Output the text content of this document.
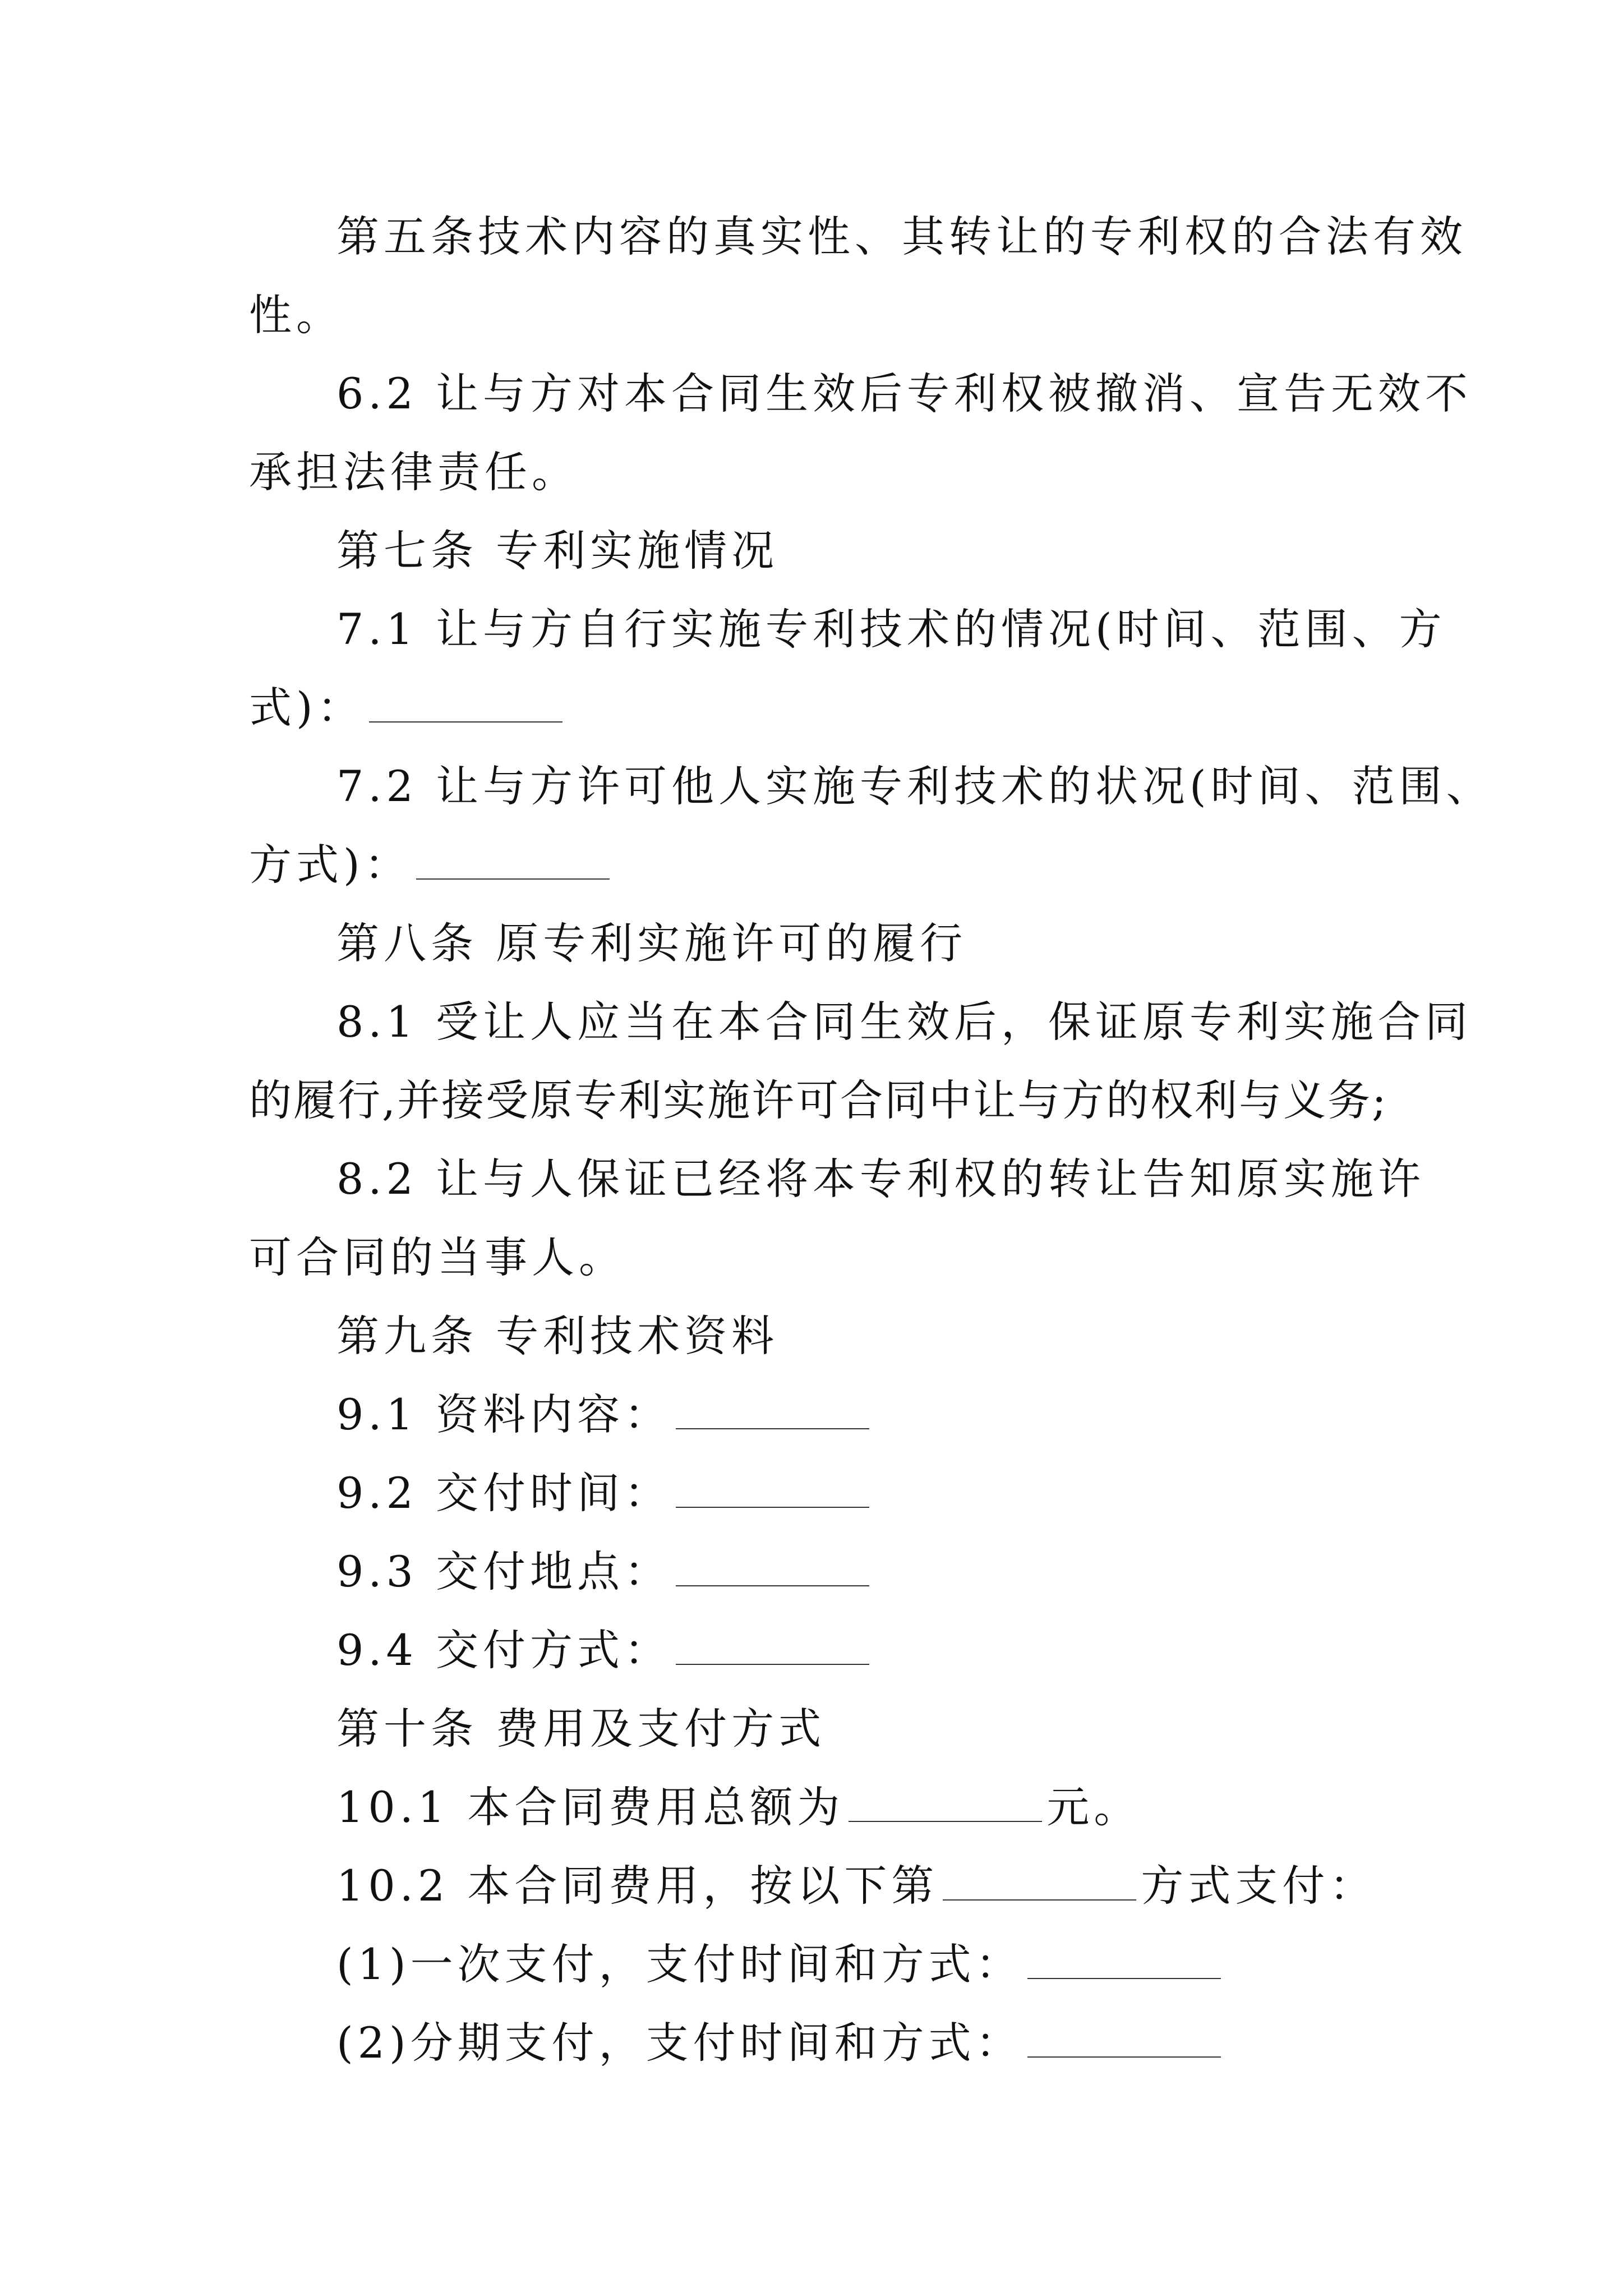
第五条技术内容的真实性、其转让的专利权的合法有效
性。
6.2 让与方对本合同生效后专利权被撤消、宣告无效不
承担法律责任。
第七条 专利实施情况
7.1 让与方自行实施专利技术的情况(时间、范围、方
式)：
7.2 让与方许可他人实施专利技术的状况(时间、范围、
方式)：
第八条 原专利实施许可的履行
8.1 受让人应当在本合同生效后，保证原专利实施合同
的履行,并接受原专利实施许可合同中让与方的权利与义务;
8.2 让与人保证已经将本专利权的转让告知原实施许
可合同的当事人。
第九条 专利技术资料
9.1 资料内容：
9.2 交付时间：
9.3 交付地点：
9.4 交付方式：
第十条 费用及支付方式
10.1 本合同费用总额为	元。
10.2 本合同费用，按以下第	方式支付：
(1)一次支付，支付时间和方式：
(2)分期支付，支付时间和方式：
